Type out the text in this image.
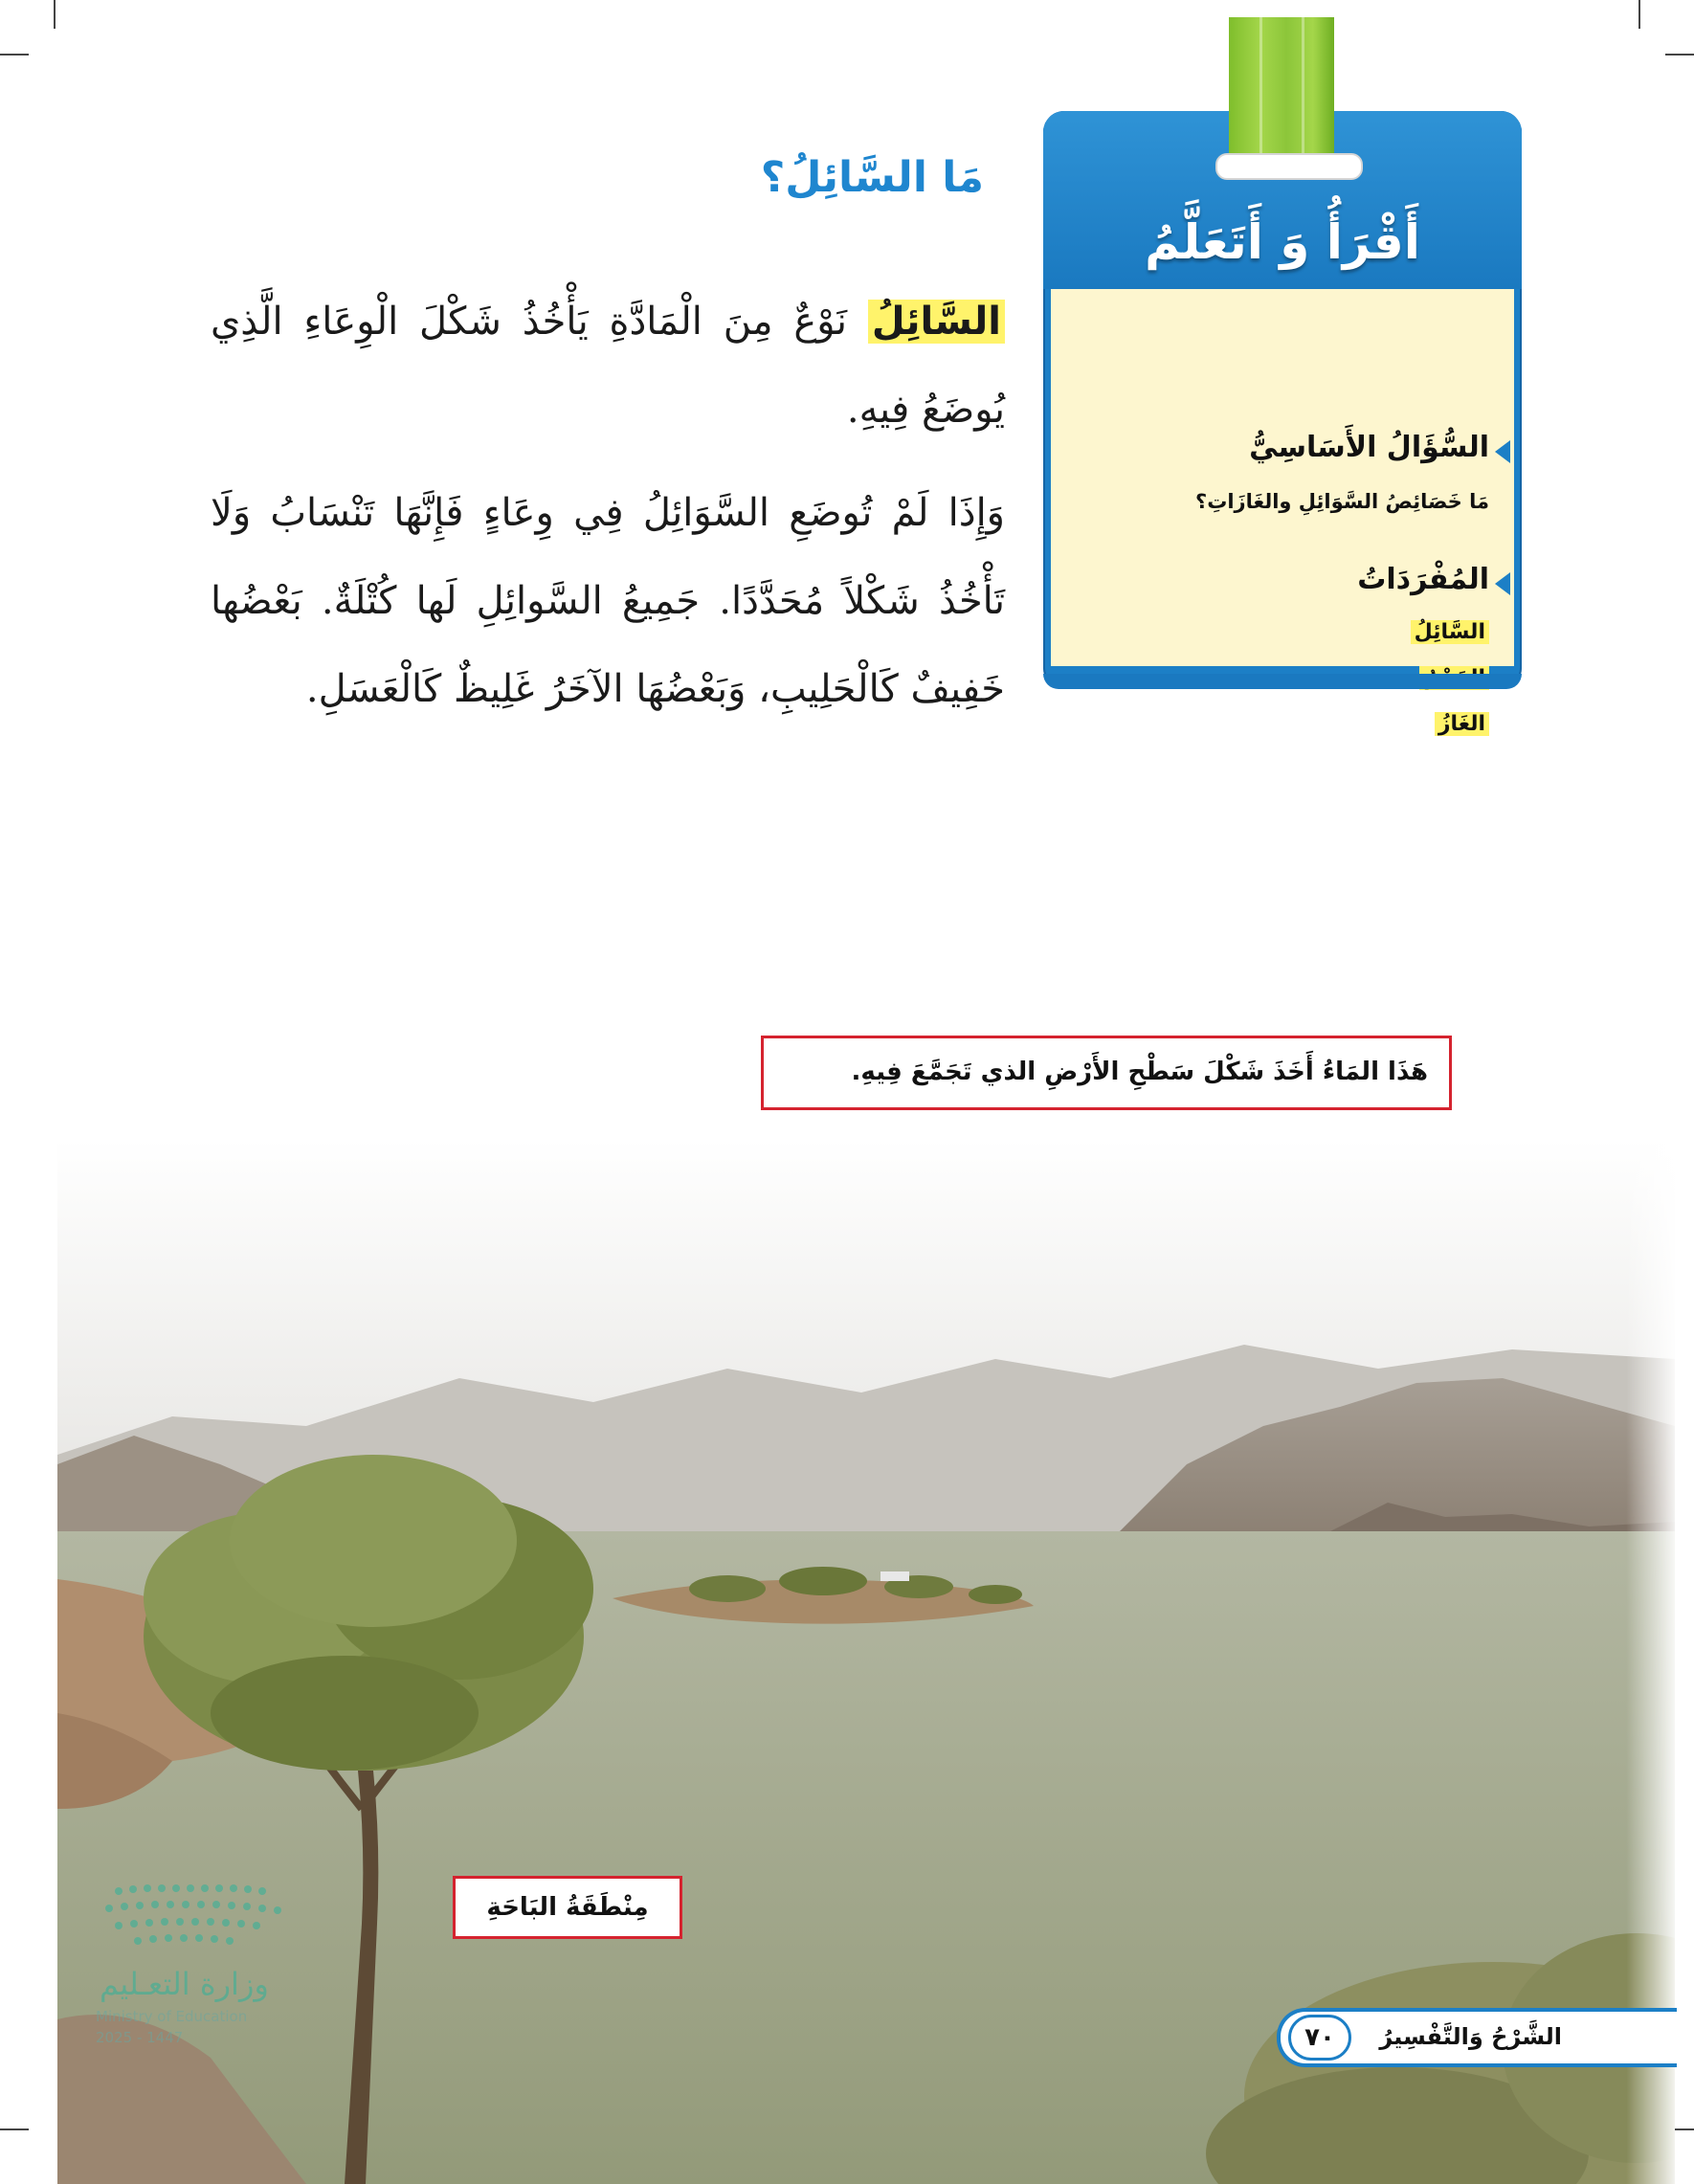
أَقْرَأُ وَ أَتَعَلَّمُ
السُّؤَالُ الأَسَاسِيُّ
مَا خَصَائِصُ السَّوَائِلِ والغَازَاتِ؟
المُفْرَدَاتُ
السَّائِلُ
الغَازُ
مَا السَّائِلُ؟
السَّائِلُ نَوْعٌ مِنَ الْمَادَّةِ يَأْخُذُ شَكْلَ الْوِعَاءِ الَّذِي يُوضَعُ فِيهِ.
وَإِذَا لَمْ تُوضَعِ السَّوَائِلُ فِي وِعَاءٍ فَإِنَّهَا تَنْسَابُ وَلَا تَأْخُذُ شَكْلاً مُحَدَّدًا. جَمِيعُ السَّوائِلِ لَها كُتْلَةٌ. بَعْضُها خَفِيفٌ كَالْحَلِيبِ، وَبَعْضُهَا الآخَرُ غَلِيظٌ كَالْعَسَلِ.
هَذَا المَاءُ أَخَذَ شَكْلَ سَطْحِ الأَرْضِ الذي تَجَمَّعَ فِيهِ.
مِنْطَقَةُ البَاحَةِ
وزارة التعـليم
Ministry of Education
2025 - 1447	الشَّرْحُ وَالتَّفْسِيرُ
٧٠
